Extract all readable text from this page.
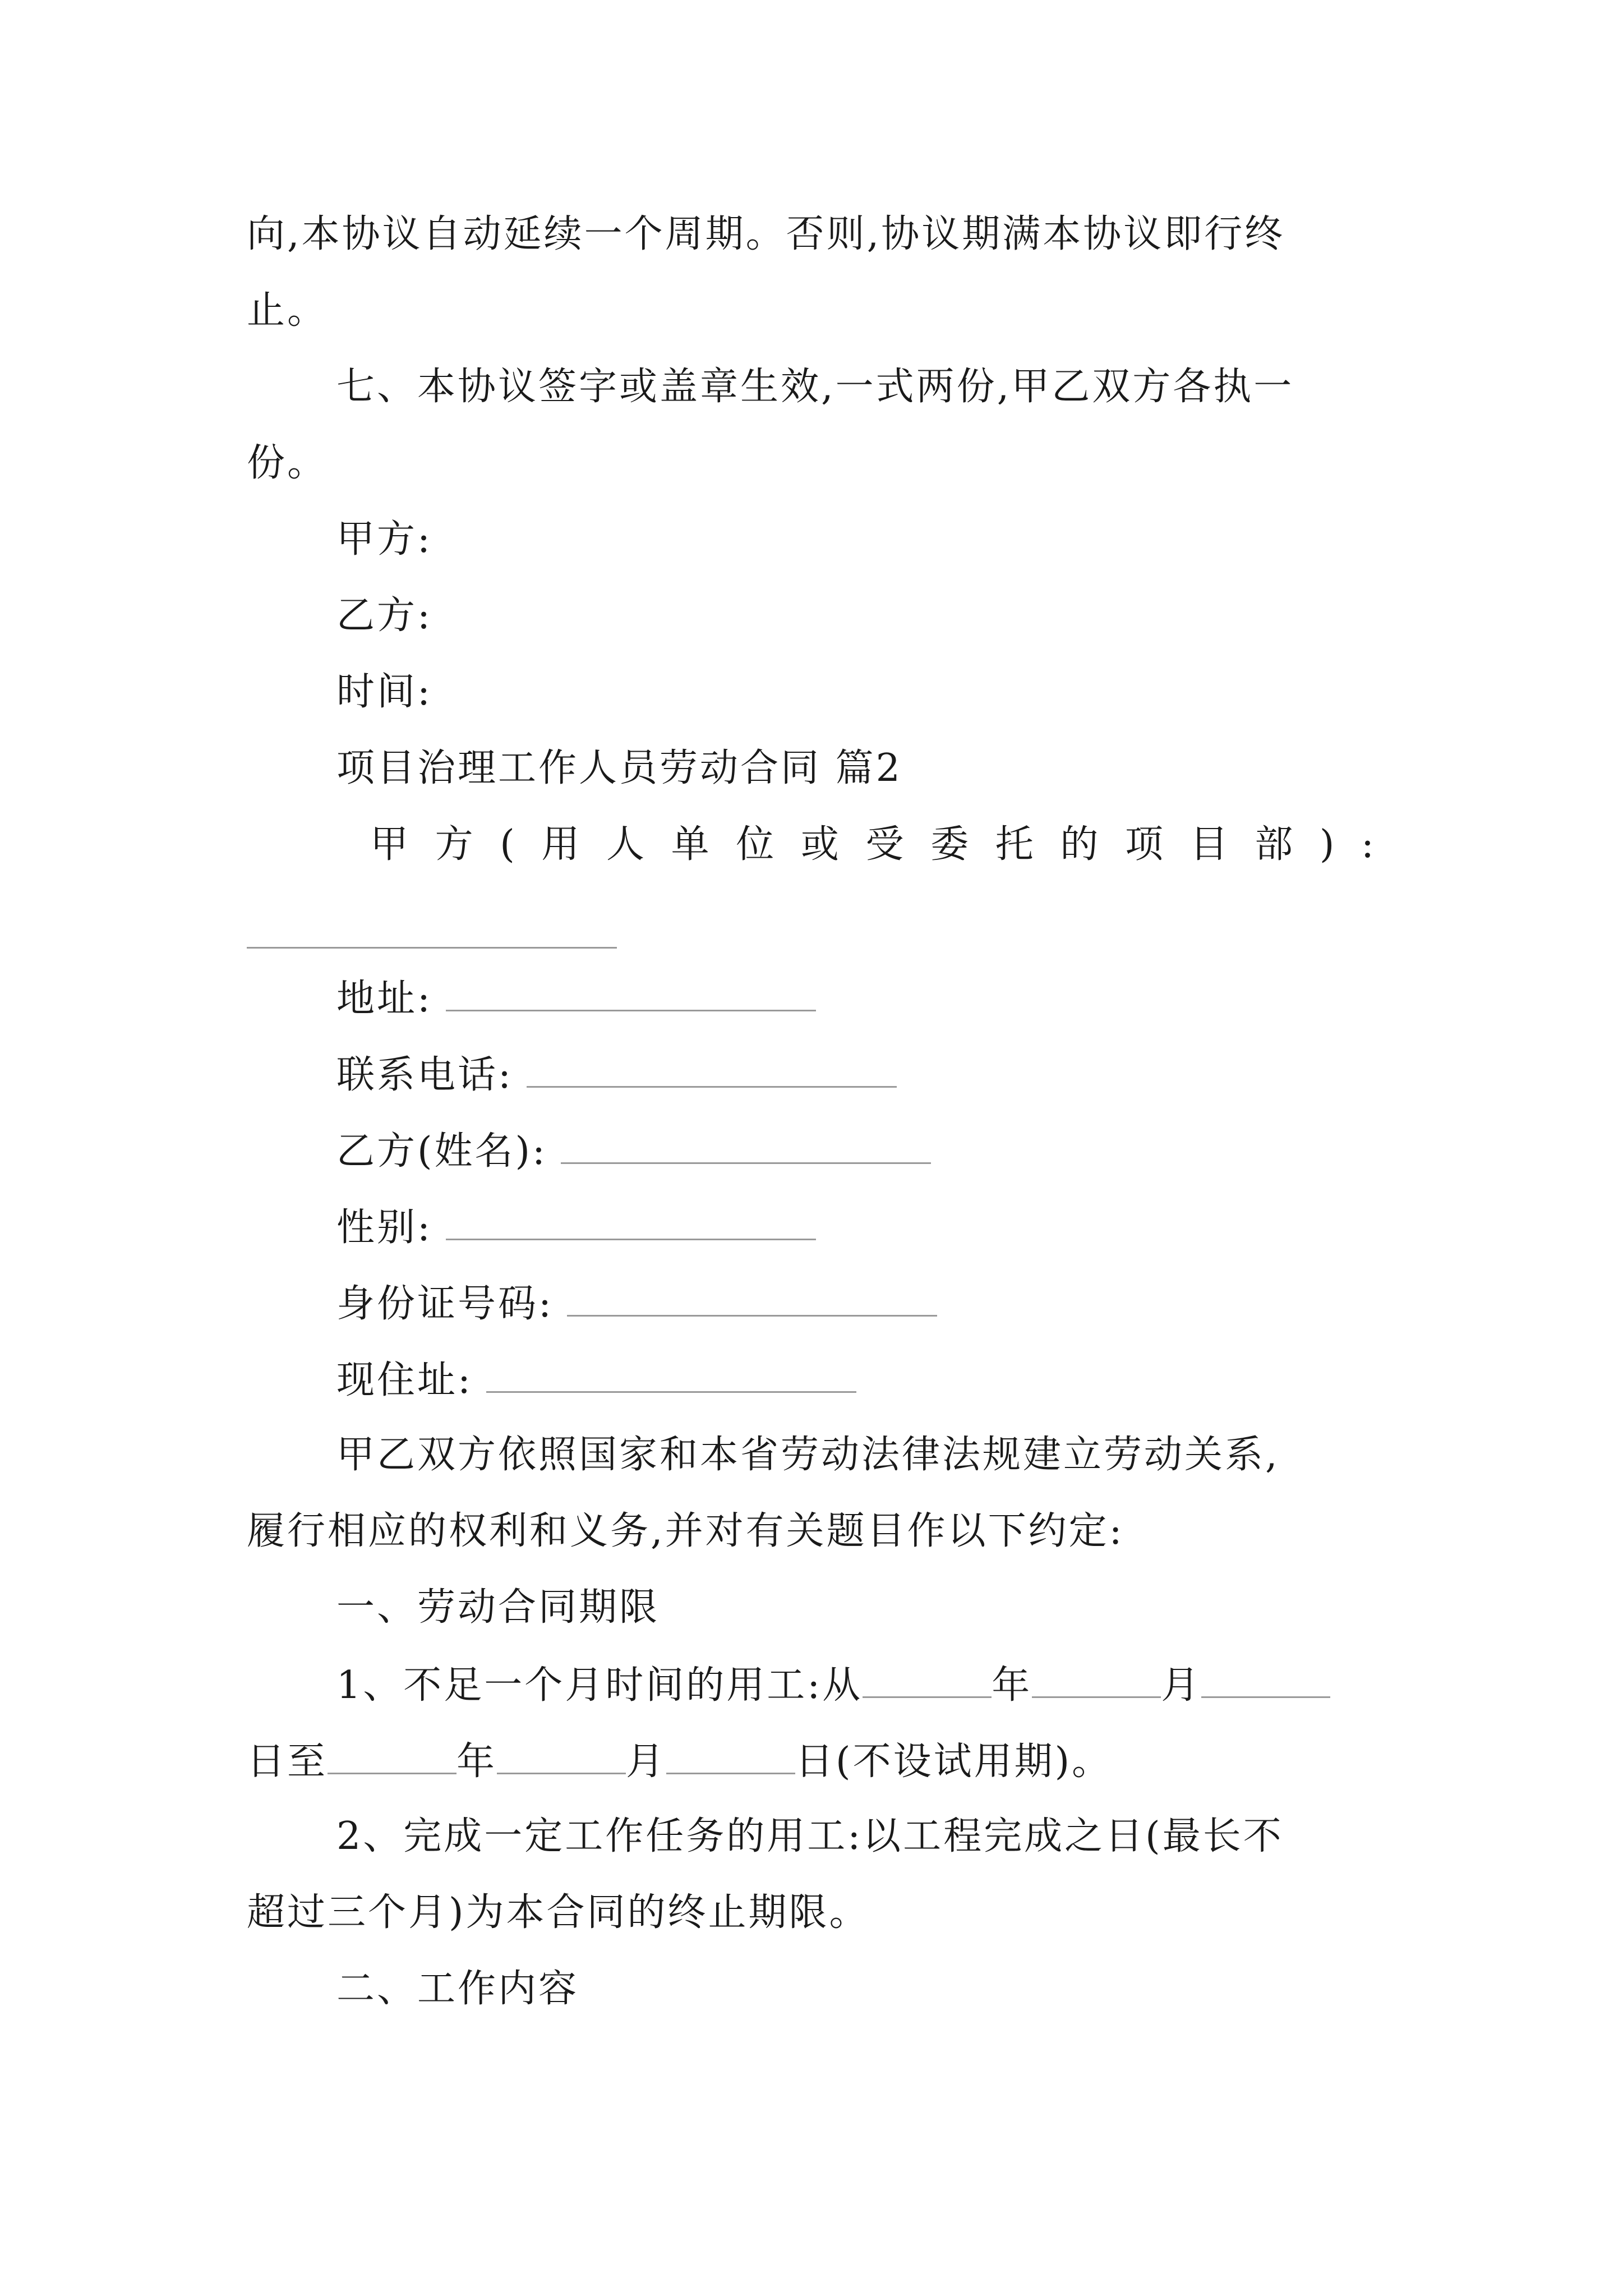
向,本协议自动延续一个周期。否则,协议期满本协议即行终
止。
七、本协议签字或盖章生效,一式两份,甲乙双方各执一
份。
甲方:
乙方:
时间:
项目治理工作人员劳动合同 篇2
甲 方 ( 用 人 单 位 或 受 委 托 的 项 目 部 ) :
地址:
联系电话:
乙方(姓名):
性别:
身份证号码:
现住址:
甲乙双方依照国家和本省劳动法律法规建立劳动关系,
履行相应的权利和义务,并对有关题目作以下约定:
一、劳动合同期限
1、不足一个月时间的用工:从	年	月
日至	年	月	日(不设试用期)。
2、完成一定工作任务的用工:以工程完成之日(最长不
超过三个月)为本合同的终止期限。
二、工作内容
